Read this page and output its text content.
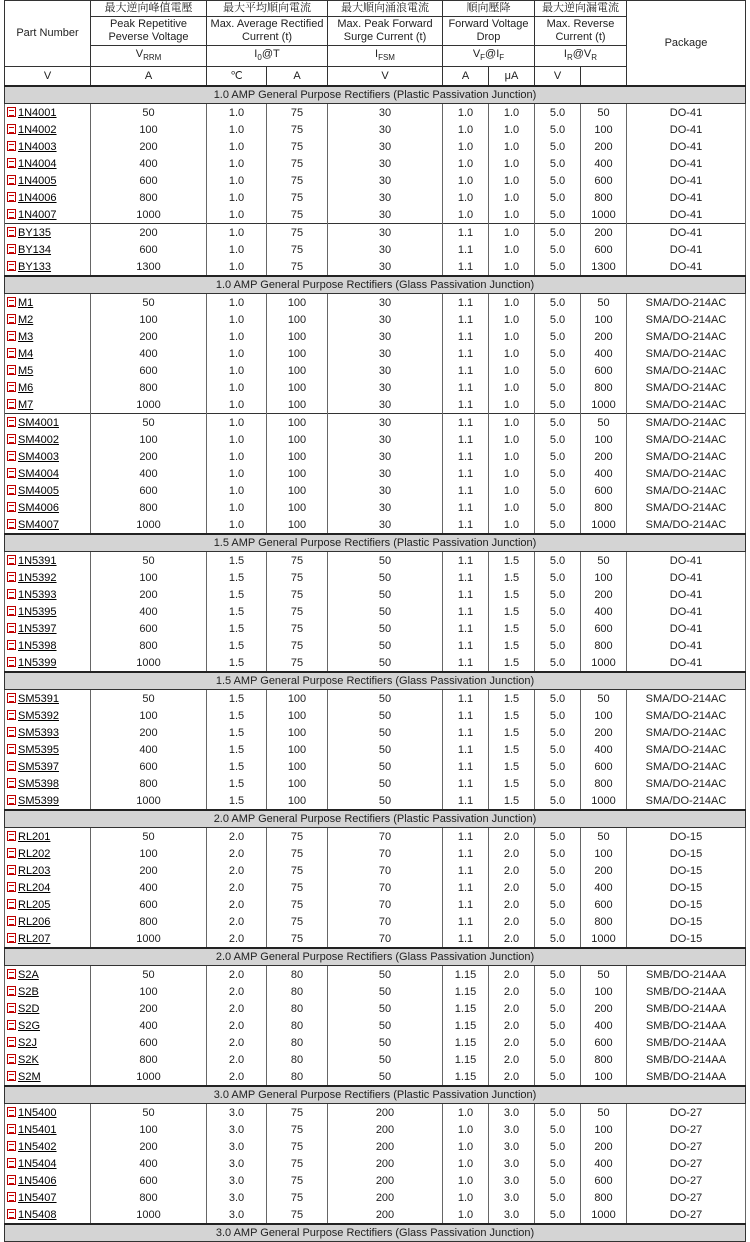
Part Number	最大逆向峰值電壓	最大平均順向電流		最大順向涌浪電流	順向壓降		最大逆向漏電流		Package
	Peak Repetitive Peverse Voltage	Max. Average Rectified Current (t)		Max. Peak Forward Surge Current (t)	Forward Voltage Drop		Max. Reverse Current (t)		
	$V_{RRM}$	$I_0@T$		$I_{FSM}$	$V_F@I_F$		$I_R@V_R$
V	A	℃	A	V	A	μA	V		
1.0 AMP General Purpose Rectifiers (Plastic Passivation Junction)									
1N4001	50	1.0	75	30	1.0	1.0	5.0	50	DO-41
1N4002	100	1.0	75	30	1.0	1.0	5.0	100	DO-41
1N4003	200	1.0	75	30	1.0	1.0	5.0	200	DO-41
1N4004	400	1.0	75	30	1.0	1.0	5.0	400	DO-41
1N4005	600	1.0	75	30	1.0	1.0	5.0	600	DO-41
1N4006	800	1.0	75	30	1.0	1.0	5.0	800	DO-41
1N4007	1000	1.0	75	30	1.0	1.0	5.0	1000	DO-41
BY135	200	1.0	75	30	1.1	1.0	5.0	200	DO-41
BY134	600	1.0	75	30	1.1	1.0	5.0	600	DO-41
BY133	1300	1.0	75	30	1.1	1.0	5.0	1300	DO-41
1.0 AMP General Purpose Rectifiers (Glass Passivation Junction)									
M1	50	1.0	100	30	1.1	1.0	5.0	50	SMA/DO-214AC
M2	100	1.0	100	30	1.1	1.0	5.0	100	SMA/DO-214AC
M3	200	1.0	100	30	1.1	1.0	5.0	200	SMA/DO-214AC
M4	400	1.0	100	30	1.1	1.0	5.0	400	SMA/DO-214AC
M5	600	1.0	100	30	1.1	1.0	5.0	600	SMA/DO-214AC
M6	800	1.0	100	30	1.1	1.0	5.0	800	SMA/DO-214AC
M7	1000	1.0	100	30	1.1	1.0	5.0	1000	SMA/DO-214AC
SM4001	50	1.0	100	30	1.1	1.0	5.0	50	SMA/DO-214AC
SM4002	100	1.0	100	30	1.1	1.0	5.0	100	SMA/DO-214AC
SM4003	200	1.0	100	30	1.1	1.0	5.0	200	SMA/DO-214AC
SM4004	400	1.0	100	30	1.1	1.0	5.0	400	SMA/DO-214AC
SM4005	600	1.0	100	30	1.1	1.0	5.0	600	SMA/DO-214AC
SM4006	800	1.0	100	30	1.1	1.0	5.0	800	SMA/DO-214AC
SM4007	1000	1.0	100	30	1.1	1.0	5.0	1000	SMA/DO-214AC
1.5 AMP General Purpose Rectifiers (Plastic Passivation Junction)									
1N5391	50	1.5	75	50	1.1	1.5	5.0	50	DO-41
1N5392	100	1.5	75	50	1.1	1.5	5.0	100	DO-41
1N5393	200	1.5	75	50	1.1	1.5	5.0	200	DO-41
1N5395	400	1.5	75	50	1.1	1.5	5.0	400	DO-41
1N5397	600	1.5	75	50	1.1	1.5	5.0	600	DO-41
1N5398	800	1.5	75	50	1.1	1.5	5.0	800	DO-41
1N5399	1000	1.5	75	50	1.1	1.5	5.0	1000	DO-41
1.5 AMP General Purpose Rectifiers (Glass Passivation Junction)									
SM5391	50	1.5	100	50	1.1	1.5	5.0	50	SMA/DO-214AC
SM5392	100	1.5	100	50	1.1	1.5	5.0	100	SMA/DO-214AC
SM5393	200	1.5	100	50	1.1	1.5	5.0	200	SMA/DO-214AC
SM5395	400	1.5	100	50	1.1	1.5	5.0	400	SMA/DO-214AC
SM5397	600	1.5	100	50	1.1	1.5	5.0	600	SMA/DO-214AC
SM5398	800	1.5	100	50	1.1	1.5	5.0	800	SMA/DO-214AC
SM5399	1000	1.5	100	50	1.1	1.5	5.0	1000	SMA/DO-214AC
2.0 AMP General Purpose Rectifiers (Plastic Passivation Junction)									
RL201	50	2.0	75	70	1.1	2.0	5.0	50	DO-15
RL202	100	2.0	75	70	1.1	2.0	5.0	100	DO-15
RL203	200	2.0	75	70	1.1	2.0	5.0	200	DO-15
RL204	400	2.0	75	70	1.1	2.0	5.0	400	DO-15
RL205	600	2.0	75	70	1.1	2.0	5.0	600	DO-15
RL206	800	2.0	75	70	1.1	2.0	5.0	800	DO-15
RL207	1000	2.0	75	70	1.1	2.0	5.0	1000	DO-15
2.0 AMP General Purpose Rectifiers (Glass Passivation Junction)									
S2A	50	2.0	80	50	1.15	2.0	5.0	50	SMB/DO-214AA
S2B	100	2.0	80	50	1.15	2.0	5.0	100	SMB/DO-214AA
S2D	200	2.0	80	50	1.15	2.0	5.0	200	SMB/DO-214AA
S2G	400	2.0	80	50	1.15	2.0	5.0	400	SMB/DO-214AA
S2J	600	2.0	80	50	1.15	2.0	5.0	600	SMB/DO-214AA
S2K	800	2.0	80	50	1.15	2.0	5.0	800	SMB/DO-214AA
S2M	1000	2.0	80	50	1.15	2.0	5.0	100	SMB/DO-214AA
3.0 AMP General Purpose Rectifiers (Plastic Passivation Junction)									
1N5400	50	3.0	75	200	1.0	3.0	5.0	50	DO-27
1N5401	100	3.0	75	200	1.0	3.0	5.0	100	DO-27
1N5402	200	3.0	75	200	1.0	3.0	5.0	200	DO-27
1N5404	400	3.0	75	200	1.0	3.0	5.0	400	DO-27
1N5406	600	3.0	75	200	1.0	3.0	5.0	600	DO-27
1N5407	800	3.0	75	200	1.0	3.0	5.0	800	DO-27
1N5408	1000	3.0	75	200	1.0	3.0	5.0	1000	DO-27
3.0 AMP General Purpose Rectifiers (Glass Passivation Junction)									
